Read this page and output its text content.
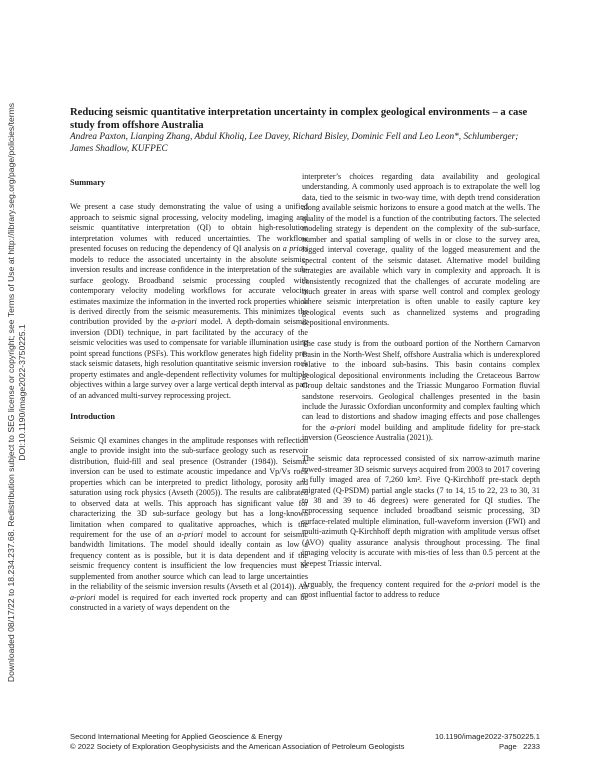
Downloaded 08/17/22 to 18.234.237.68. Redistribution subject to SEG license or copyright; see Terms of Use at http://library.seg.org/page/policies/terms DOI:10.1190/image2022-3750225.1
Reducing seismic quantitative interpretation uncertainty in complex geological environments – a case study from offshore Australia
Andrea Paxton, Lianping Zhang, Abdul Kholiq, Lee Davey, Richard Bisley, Dominic Fell and Leo Leon*, Schlumberger; James Shadlow, KUFPEC
Summary

We present a case study demonstrating the value of using a unified approach to seismic signal processing, velocity modeling, imaging and seismic quantitative interpretation (QI) to obtain high-resolution interpretation volumes with reduced uncertainties. The workflow presented focuses on reducing the dependency of QI analysis on a priori models to reduce the associated uncertainty in the absolute seismic-inversion results and increase confidence in the interpretation of the sub-surface geology. Broadband seismic processing coupled with contemporary velocity modeling workflows for accurate velocity estimates maximize the information in the inverted rock properties which is derived directly from the seismic measurements. This minimizes the contribution provided by the a-priori model. A depth-domain seismic inversion (DDI) technique, in part facilitated by the accuracy of the seismic velocities was used to compensate for variable illumination using point spread functions (PSFs). This workflow generates high fidelity pre-stack seismic datasets, high resolution quantitative seismic inversion rock property estimates and angle-dependent reflectivity volumes for multiple objectives within a large survey over a large vertical depth interval as part of an advanced multi-survey reprocessing project.

Introduction

Seismic QI examines changes in the amplitude responses with reflection angle to provide insight into the sub-surface geology such as reservoir distribution, fluid-fill and seal presence (Ostrander (1984)). Seismic inversion can be used to estimate acoustic impedance and Vp/Vs rock properties which can be interpreted to predict lithology, porosity and saturation using rock physics (Avseth (2005)). The results are calibrated to observed data at wells. This approach has significant value for characterizing the 3D sub-surface geology but has a long-known limitation when compared to qualitative approaches, which is the requirement for the use of an a-priori model to account for seismic bandwidth limitations. The model should ideally contain as low a frequency content as is possible, but it is data dependent and if the seismic frequency content is insufficient the low frequencies must be supplemented from another source which can lead to large uncertainties in the reliability of the seismic inversion results (Avseth et al (2014)). An a-priori model is required for each inverted rock property and can be constructed in a variety of ways dependent on the

interpreter’s choices regarding data availability and geological understanding. A commonly used approach is to extrapolate the well log data, tied to the seismic in two-way time, with depth trend consideration along available seismic horizons to ensure a good match at the wells. The quality of the model is a function of the contributing factors. The selected modeling strategy is dependent on the complexity of the sub-surface, number and spatial sampling of wells in or close to the survey area, logged interval coverage, quality of the logged measurement and the spectral content of the seismic dataset. Alternative model building strategies are available which vary in complexity and approach. It is consistently recognized that the challenges of accurate modeling are much greater in areas with sparse well control and complex geology where seismic interpretation is often unable to easily capture key geological events such as channelized systems and prograding depositional environments.

The case study is from the outboard portion of the Northern Carnarvon Basin in the North-West Shelf, offshore Australia which is underexplored relative to the inboard sub-basins. This basin contains complex geological depositional environments including the Cretaceous Barrow Group deltaic sandstones and the Triassic Mungaroo Formation fluvial sandstone reservoirs. Geological challenges presented in the basin include the Jurassic Oxfordian unconformity and complex faulting which can lead to distortions and shadow imaging effects and pose challenges for the a-priori model building and amplitude fidelity for pre-stack inversion (Geoscience Australia (2021)).

The seismic data reprocessed consisted of six narrow-azimuth marine towed-streamer 3D seismic surveys acquired from 2003 to 2017 covering a fully imaged area of 7,260 km². Five Q-Kirchhoff pre-stack depth migrated (Q-PSDM) partial angle stacks (7 to 14, 15 to 22, 23 to 30, 31 to 38 and 39 to 46 degrees) were generated for QI studies. The reprocessing sequence included broadband seismic processing, 3D surface-related multiple elimination, full-waveform inversion (FWI) and multi-azimuth Q-Kirchhoff depth migration with amplitude versus offset (AVO) quality assurance analysis throughout processing. The final imaging velocity is accurate with mis-ties of less than 0.5 percent at the deepest Triassic interval.

Arguably, the frequency content required for the a-priori model is the most influential factor to address to reduce

Second International Meeting for Applied Geoscience & Energy
© 2022 Society of Exploration Geophysicists and the American Association of Petroleum Geologists
10.1190/image2022-3750225.1
Page 2233
